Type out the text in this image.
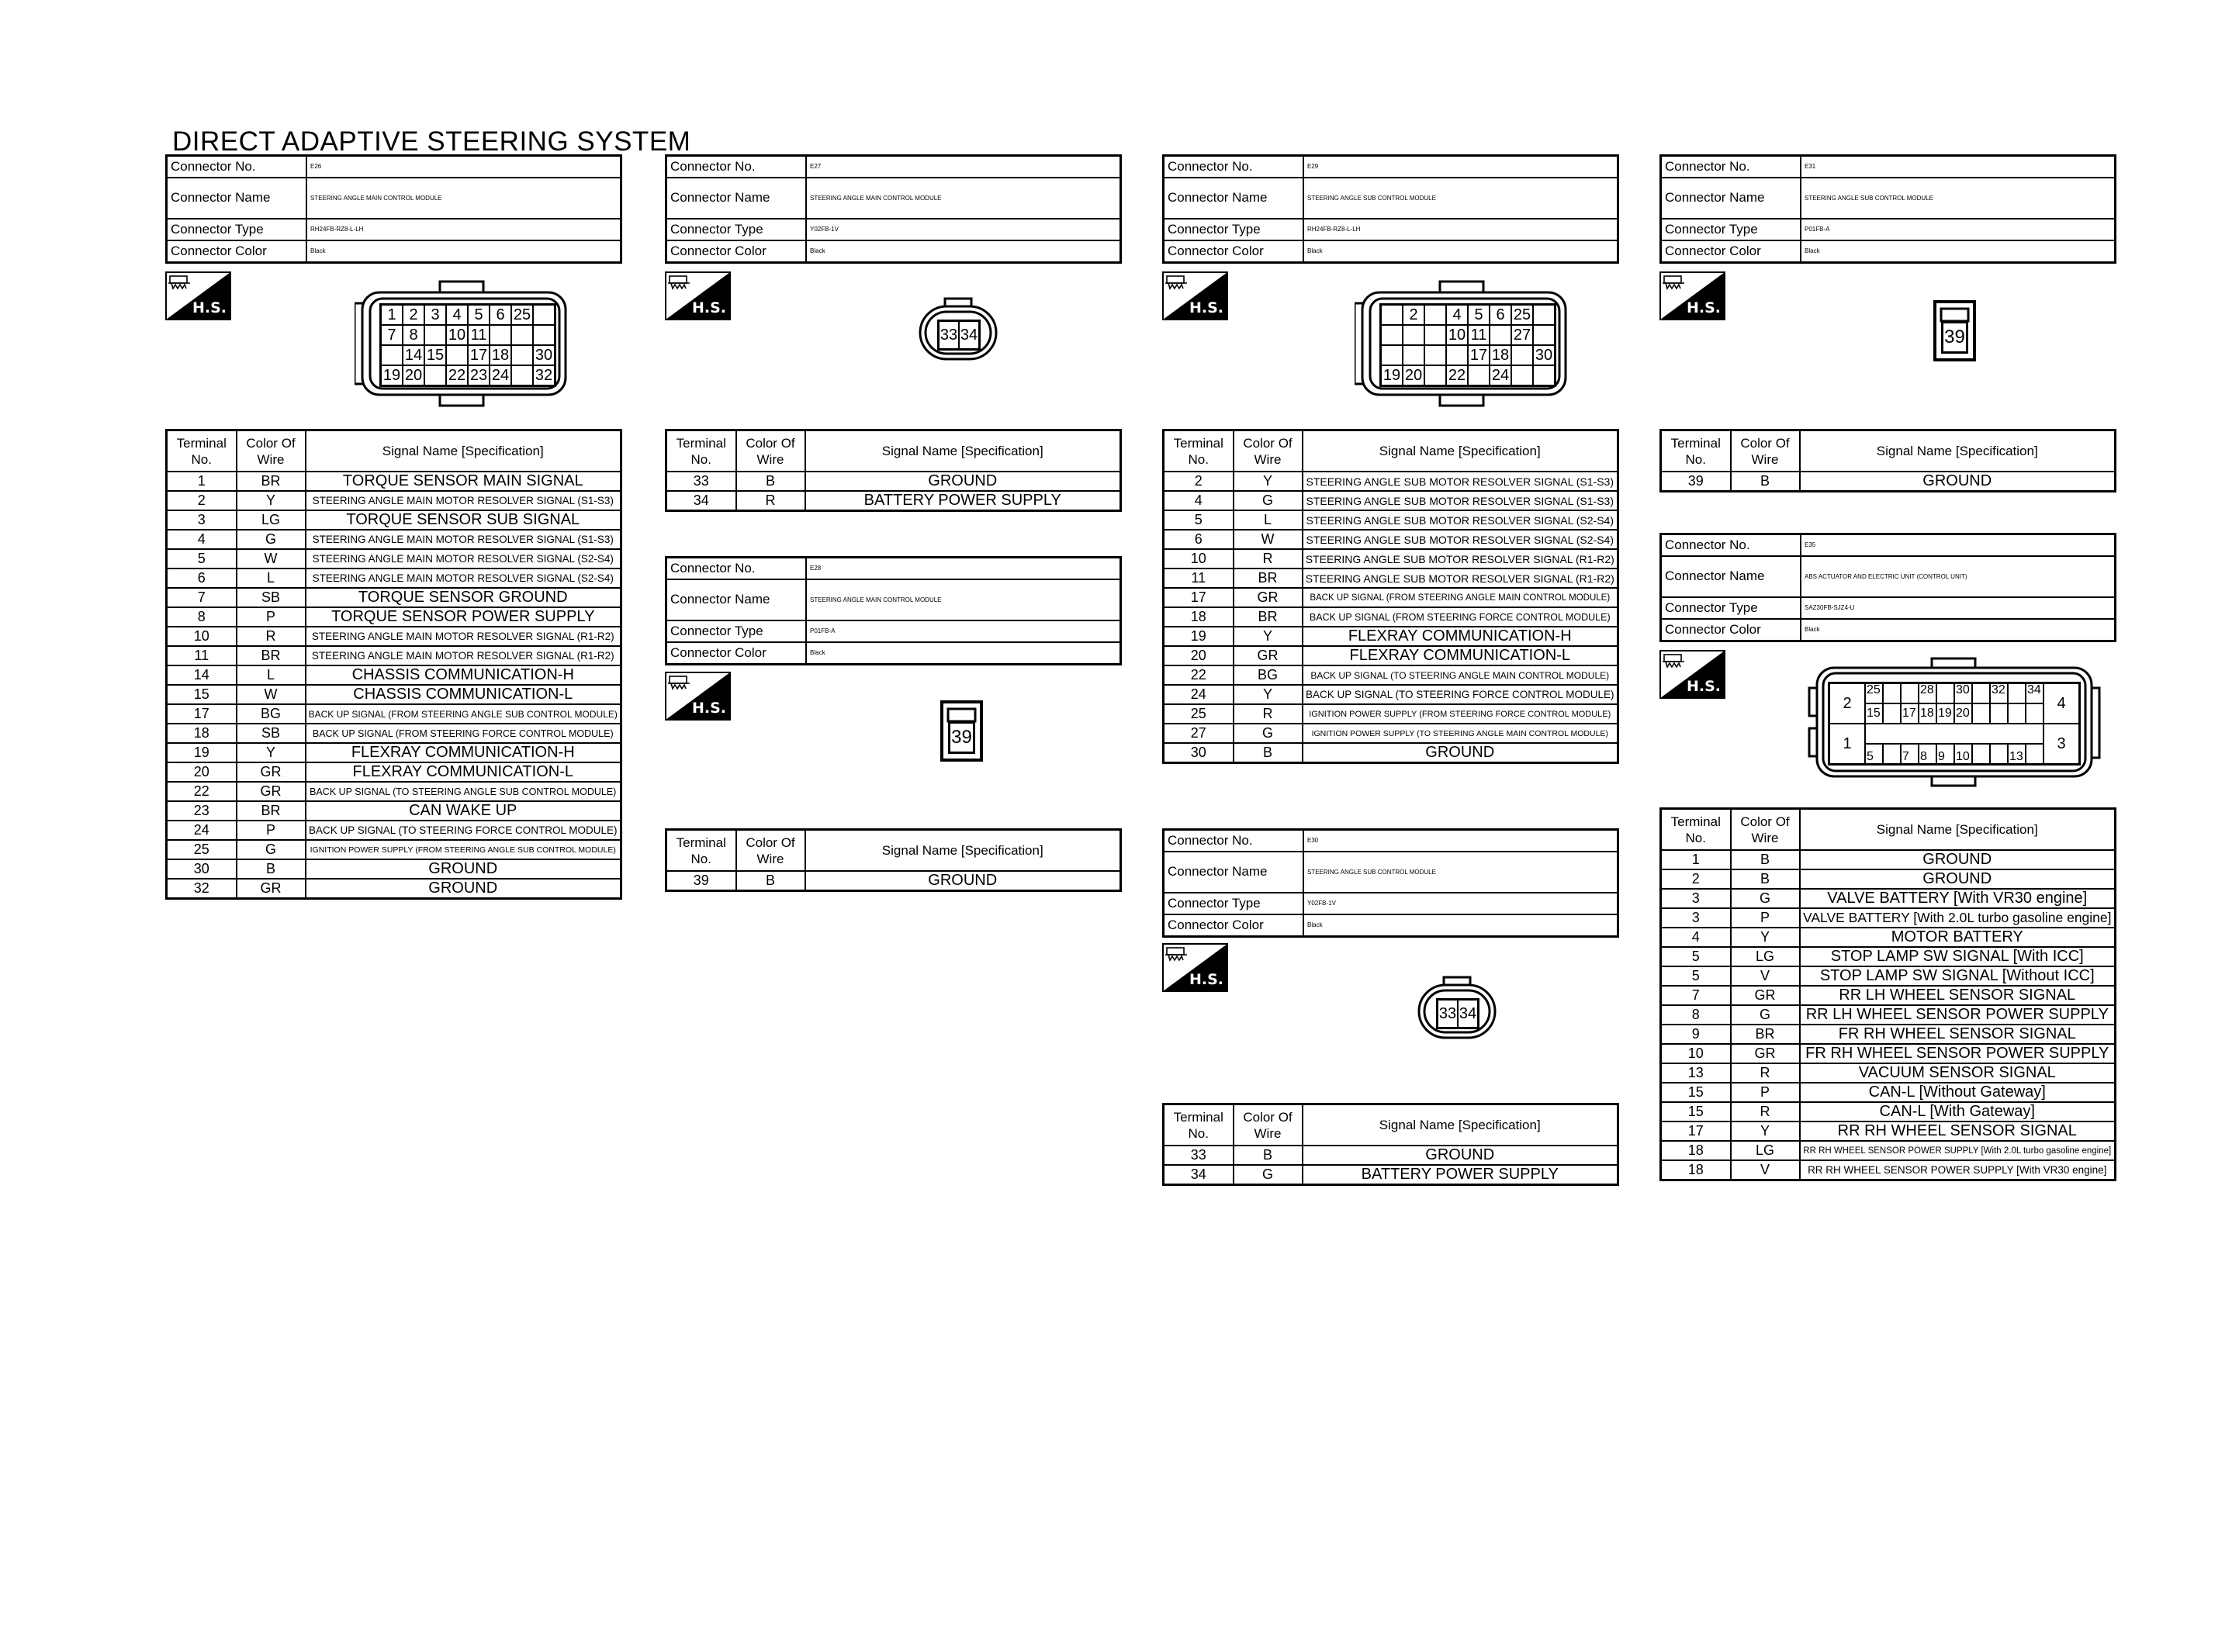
DIRECT ADAPTIVE STEERING SYSTEM
Connector No.	E26
Connector Name	STEERING ANGLE MAIN CONTROL MODULE
Connector Type	RH24FB-RZ8-L-LH
Connector Color	Black
H.S.	1 2 3 4 5 6 25
7 8	10 11
14 15 17 18 30
19 20 22 23 24 32
Terminal No.	Color Of Wire	Signal Name [Specification]
1	BR	TORQUE SENSOR MAIN SIGNAL
2	Y	STEERING ANGLE MAIN MOTOR RESOLVER SIGNAL (S1-S3)
3	LG	TORQUE SENSOR SUB SIGNAL
4	G	STEERING ANGLE MAIN MOTOR RESOLVER SIGNAL (S1-S3)
5	W	STEERING ANGLE MAIN MOTOR RESOLVER SIGNAL (S2-S4)
6	L	STEERING ANGLE MAIN MOTOR RESOLVER SIGNAL (S2-S4)
7	SB	TORQUE SENSOR GROUND
8	P	TORQUE SENSOR POWER SUPPLY
10	R	STEERING ANGLE MAIN MOTOR RESOLVER SIGNAL (R1-R2)
11	BR	STEERING ANGLE MAIN MOTOR RESOLVER SIGNAL (R1-R2)
14	L	CHASSIS COMMUNICATION-H
15	W	CHASSIS COMMUNICATION-L
17	BG	BACK UP SIGNAL (FROM STEERING ANGLE SUB CONTROL MODULE)
18	SB	BACK UP SIGNAL (FROM STEERING FORCE CONTROL MODULE)
19	Y	FLEXRAY COMMUNICATION-H
20	GR	FLEXRAY COMMUNICATION-L
22	GR	BACK UP SIGNAL (TO STEERING ANGLE SUB CONTROL MODULE)
23	BR	CAN WAKE UP
24	P	BACK UP SIGNAL (TO STEERING FORCE CONTROL MODULE)
25	G	IGNITION POWER SUPPLY (FROM STEERING ANGLE SUB CONTROL MODULE)
30	B	GROUND
32	GR	GROUND
Connector No.	E27
Connector Name	STEERING ANGLE MAIN CONTROL MODULE
Connector Type	Y02FB-1V
Connector Color	Black
H.S.
33 34
Terminal No.	Color Of Wire	Signal Name [Specification]
33	B	GROUND
34	R	BATTERY POWER SUPPLY
Connector No.	E28
Connector Name	STEERING ANGLE MAIN CONTROL MODULE
Connector Type	P01FB-A
Connector Color	Black
H.S.
39
Terminal No.	Color Of Wire	Signal Name [Specification]
39	B	GROUND
Connector No.	E29
Connector Name	STEERING ANGLE SUB CONTROL MODULE
Connector Type	RH24FB-RZ8-L-LH
Connector Color	Black
H.S.	2	4 5 6 25
10 11 27
17 18 30
19 20 22 24
Terminal No.	Color Of Wire	Signal Name [Specification]
2	Y	STEERING ANGLE SUB MOTOR RESOLVER SIGNAL (S1-S3)
4	G	STEERING ANGLE SUB MOTOR RESOLVER SIGNAL (S1-S3)
5	L	STEERING ANGLE SUB MOTOR RESOLVER SIGNAL (S2-S4)
6	W	STEERING ANGLE SUB MOTOR RESOLVER SIGNAL (S2-S4)
10	R	STEERING ANGLE SUB MOTOR RESOLVER SIGNAL (R1-R2)
11	BR	STEERING ANGLE SUB MOTOR RESOLVER SIGNAL (R1-R2)
17	GR	BACK UP SIGNAL (FROM STEERING ANGLE MAIN CONTROL MODULE)
18	BR	BACK UP SIGNAL (FROM STEERING FORCE CONTROL MODULE)
19	Y	FLEXRAY COMMUNICATION-H
20	GR	FLEXRAY COMMUNICATION-L
22	BG	BACK UP SIGNAL (TO STEERING ANGLE MAIN CONTROL MODULE)
24	Y	BACK UP SIGNAL (TO STEERING FORCE CONTROL MODULE)
25	R	IGNITION POWER SUPPLY (FROM STEERING FORCE CONTROL MODULE)
27	G	IGNITION POWER SUPPLY (TO STEERING ANGLE MAIN CONTROL MODULE)
30	B	GROUND
Connector No.	E30
Connector Name	STEERING ANGLE SUB CONTROL MODULE
Connector Type	Y02FB-1V
Connector Color	Black
H.S.
33 34
Terminal No.	Color Of Wire	Signal Name [Specification]
33	B	GROUND
34	G	BATTERY POWER SUPPLY
Connector No.	E31
Connector Name	STEERING ANGLE SUB CONTROL MODULE
Connector Type	P01FB-A
Connector Color	Black
H.S.
39
Terminal No.	Color Of Wire	Signal Name [Specification]
39	B	GROUND
Connector No.	E35
Connector Name	ABS ACTUATOR AND ELECTRIC UNIT (CONTROL UNIT)
Connector Type	SAZ30FB-SJZ4-U
Connector Color	Black
H.S.
2
1
4
3
25	28 30 32 34
15 17 18 19 20
5	7 8 9 10	13
Terminal No.	Color Of Wire	Signal Name [Specification]
1	B	GROUND
2	B	GROUND
3	G	VALVE BATTERY [With VR30 engine]
3	P	VALVE BATTERY [With 2.0L turbo gasoline engine]
4	Y	MOTOR BATTERY
5	LG	STOP LAMP SW SIGNAL [With ICC]
5	V	STOP LAMP SW SIGNAL [Without ICC]
7	GR	RR LH WHEEL SENSOR SIGNAL
8	G	RR LH WHEEL SENSOR POWER SUPPLY
9	BR	FR RH WHEEL SENSOR SIGNAL
10	GR	FR RH WHEEL SENSOR POWER SUPPLY
13	R	VACUUM SENSOR SIGNAL
15	P	CAN-L [Without Gateway]
15	R	CAN-L [With Gateway]
17	Y	RR RH WHEEL SENSOR SIGNAL
18	LG	RR RH WHEEL SENSOR POWER SUPPLY [With 2.0L turbo gasoline engine]
18	V	RR RH WHEEL SENSOR POWER SUPPLY [With VR30 engine]
